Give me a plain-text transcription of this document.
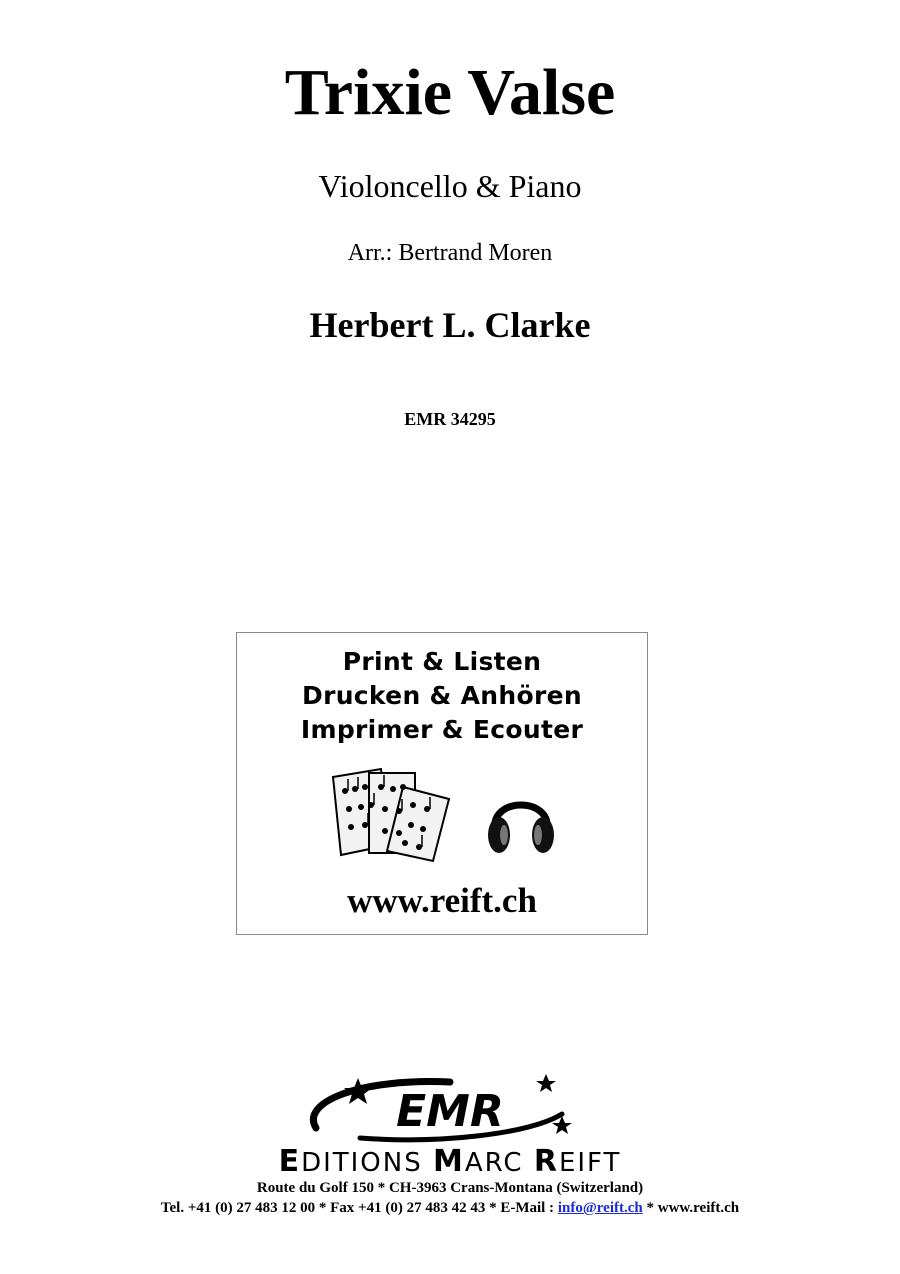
Trixie Valse
Violoncello & Piano
Arr.: Bertrand Moren
Herbert L. Clarke
EMR 34295
Print & Listen
Drucken & Anhören
Imprimer & Ecouter
www.reift.ch
EMR
EDITIONS MARC REIFT
Route du Golf 150 * CH-3963 Crans-Montana (Switzerland)
Tel. +41 (0) 27 483 12 00 * Fax +41 (0) 27 483 42 43 * E-Mail : info@reift.ch * www.reift.ch
